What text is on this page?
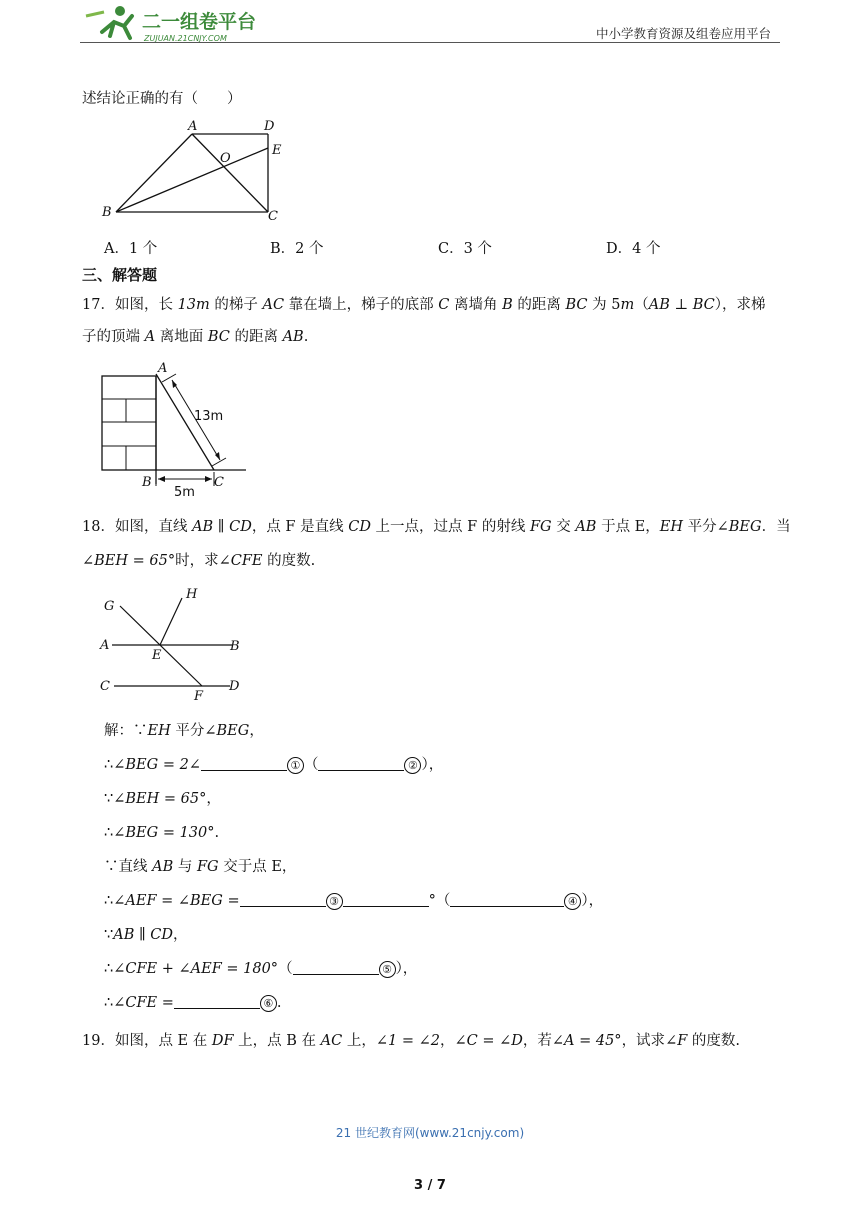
二一组卷平台
ZUJUAN.21CNJY.COM	中小学教育资源及组卷应用平台
述结论正确的有（　　）
A	D
O
E
B	C
A．1 个	B．2 个	C．3 个	D．4 个
三、解答题
17．如图，长 13m 的梯子 AC 靠在墙上，梯子的底部 C 离墙角 B 的距离 BC 为 5m（AB ⊥ BC），求梯
子的顶端 A 离地面 BC 的距离 AB.
A
B	C
13m
5m
18．如图，直线 AB ∥ CD，点 F 是直线 CD 上一点，过点 F 的射线 FG 交 AB 于点 E，EH 平分∠BEG．当
∠BEH = 65°时，求∠CFE 的度数.
G
H
A	B
E
C	D
F
解：∵EH 平分∠BEG，
∴∠BEG = 2∠	① （	② ），
∵∠BEH = 65°，
∴∠BEG = 130°.
∵直线 AB 与 FG 交于点 E，
∴∠AEF = ∠BEG =	③	°（	④ ），
∵AB ∥ CD，
∴∠CFE + ∠AEF = 180°（	⑤ ），
∴∠CFE =	⑥ .
19．如图，点 E 在 DF 上，点 B 在 AC 上，∠1 = ∠2，∠C = ∠D，若∠A = 45°，试求∠F 的度数.
21 世纪教育网(www.21cnjy.com)
3 / 7
